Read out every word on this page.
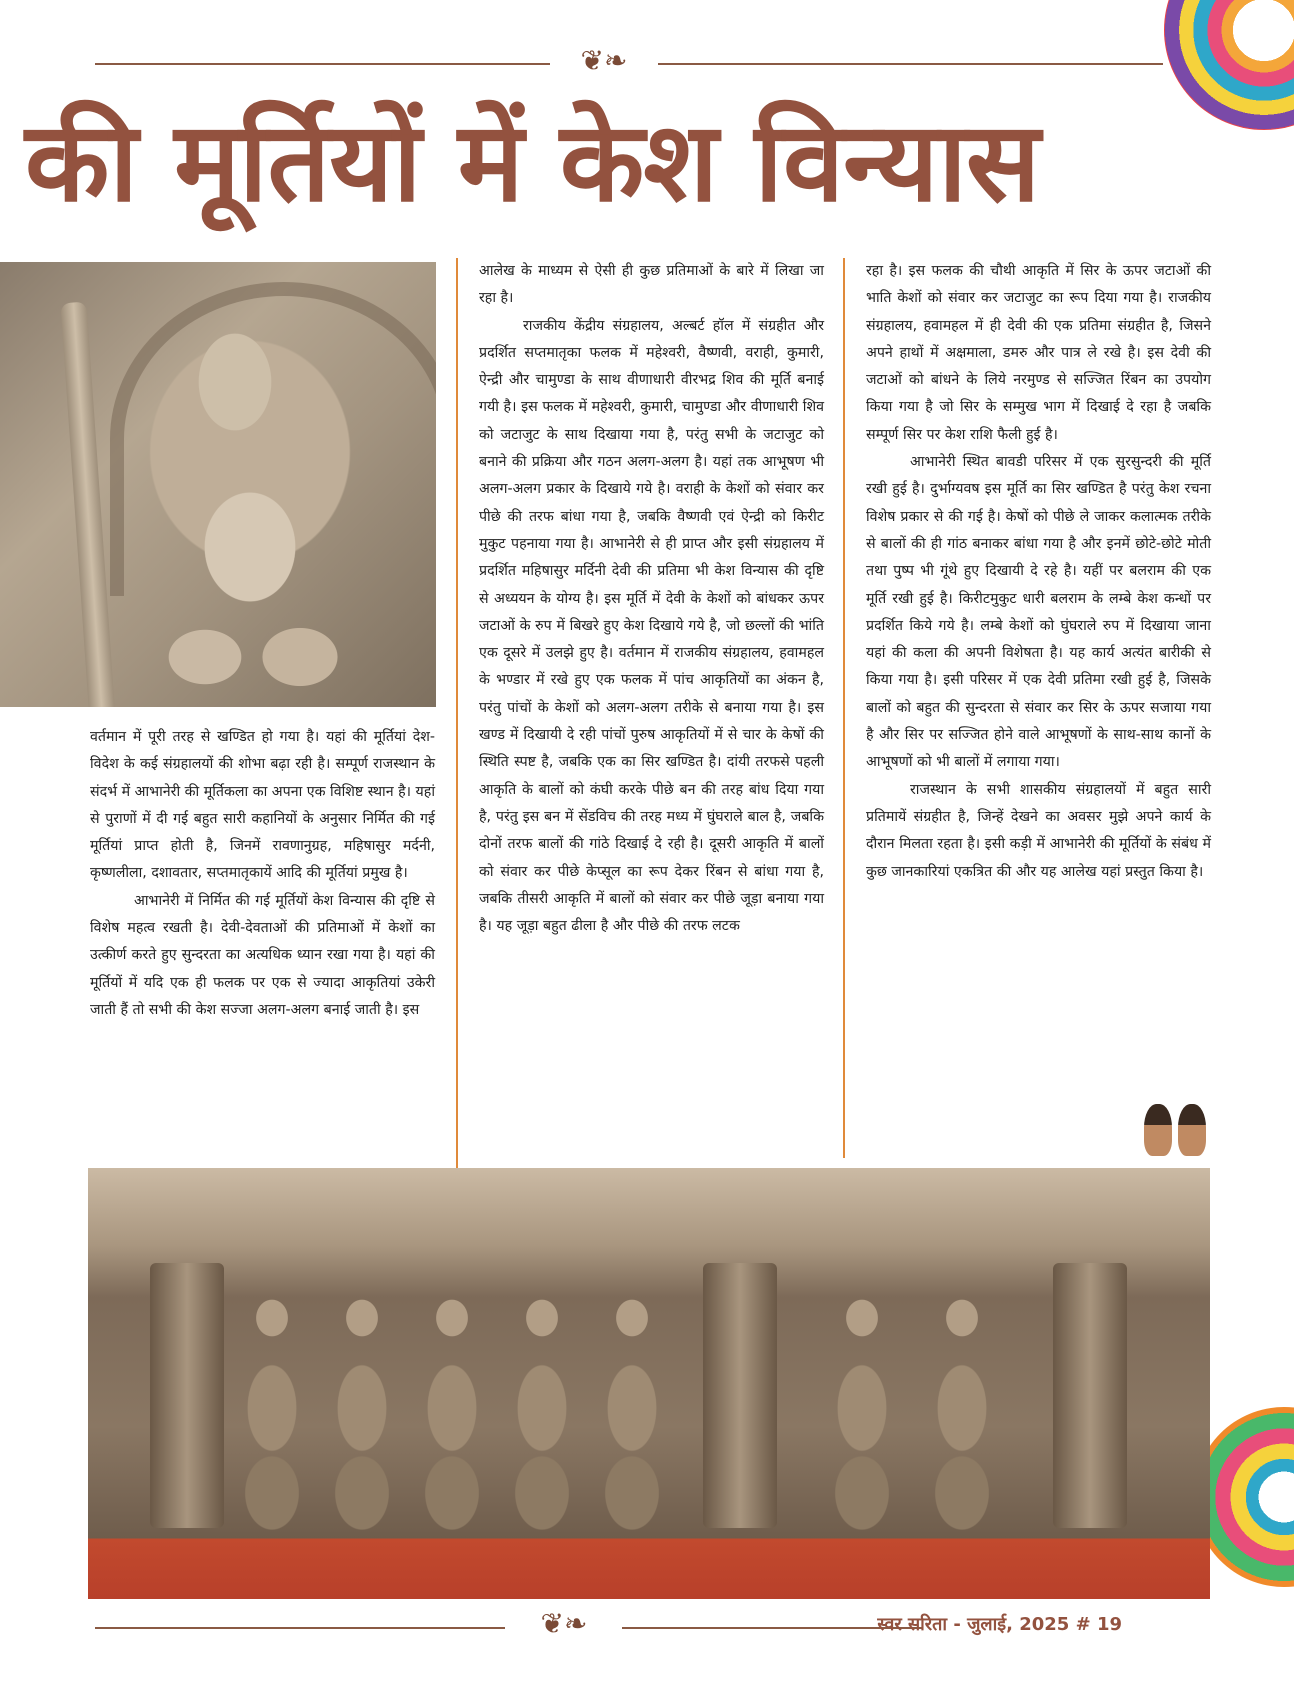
❦❧
की मूर्तियों में केश विन्यास

वर्तमान में पूरी तरह से खण्डित हो गया है। यहां की मूर्तियां देश-विदेश के कई संग्रहालयों की शोभा बढ़ा रही है। सम्पूर्ण राजस्थान के संदर्भ में आभानेरी की मूर्तिकला का अपना एक विशिष्ट स्थान है। यहां से पुराणों में दी गई बहुत सारी कहानियों के अनुसार निर्मित की गई मूर्तियां प्राप्त होती है, जिनमें रावणानुग्रह, महिषासुर मर्दनी, कृष्णलीला, दशावतार, सप्तमातृकायें आदि की मूर्तियां प्रमुख है।

आभानेरी में निर्मित की गई मूर्तियों केश विन्यास की दृष्टि से विशेष महत्व रखती है। देवी-देवताओं की प्रतिमाओं में केशों का उत्कीर्ण करते हुए सुन्दरता का अत्यधिक ध्यान रखा गया है। यहां की मूर्तियों में यदि एक ही फलक पर एक से ज्यादा आकृतियां उकेरी जाती हैं तो सभी की केश सज्जा अलग-अलग बनाई जाती है। इस

आलेख के माध्यम से ऐसी ही कुछ प्रतिमाओं के बारे में लिखा जा रहा है।

राजकीय केंद्रीय संग्रहालय, अल्बर्ट हॉल में संग्रहीत और प्रदर्शित सप्तमातृका फलक में महेश्वरी, वैष्णवी, वराही, कुमारी, ऐन्द्री और चामुण्डा के साथ वीणाधारी वीरभद्र शिव की मूर्ति बनाई गयी है। इस फलक में महेश्वरी, कुमारी, चामुण्डा और वीणाधारी शिव को जटाजुट के साथ दिखाया गया है, परंतु सभी के जटाजुट को बनाने की प्रक्रिया और गठन अलग-अलग है। यहां तक आभूषण भी अलग-अलग प्रकार के दिखाये गये है। वराही के केशों को संवार कर पीछे की तरफ बांधा गया है, जबकि वैष्णवी एवं ऐन्द्री को किरीट मुकुट पहनाया गया है। आभानेरी से ही प्राप्त और इसी संग्रहालय में प्रदर्शित महिषासुर मर्दिनी देवी की प्रतिमा भी केश विन्यास की दृष्टि से अध्ययन के योग्य है। इस मूर्ति में देवी के केशों को बांधकर ऊपर जटाओं के रुप में बिखरे हुए केश दिखाये गये है, जो छल्लों की भांति एक दूसरे में उलझे हुए है। वर्तमान में राजकीय संग्रहालय, हवामहल के भण्डार में रखे हुए एक फलक में पांच आकृतियों का अंकन है, परंतु पांचों के केशों को अलग-अलग तरीके से बनाया गया है। इस खण्ड में दिखायी दे रही पांचों पुरुष आकृतियों में से चार के केषों की स्थिति स्पष्ट है, जबकि एक का सिर खण्डित है। दांयी तरफसे पहली आकृति के बालों को कंघी करके पीछे बन की तरह बांध दिया गया है, परंतु इस बन में सेंडविच की तरह मध्य में घुंघराले बाल है, जबकि दोनों तरफ बालों की गांठे दिखाई दे रही है। दूसरी आकृति में बालों को संवार कर पीछे केप्सूल का रूप देकर रिंबन से बांधा गया है, जबकि तीसरी आकृति में बालों को संवार कर पीछे जूड़ा बनाया गया है। यह जूड़ा बहुत ढीला है और पीछे की तरफ लटक

रहा है। इस फलक की चौथी आकृति में सिर के ऊपर जटाओं की भाति केशों को संवार कर जटाजुट का रूप दिया गया है। राजकीय संग्रहालय, हवामहल में ही देवी की एक प्रतिमा संग्रहीत है, जिसने अपने हाथों में अक्षमाला, डमरु और पात्र ले रखे है। इस देवी की जटाओं को बांधने के लिये नरमुण्ड से सज्जित रिंबन का उपयोग किया गया है जो सिर के सम्मुख भाग में दिखाई दे रहा है जबकि सम्पूर्ण सिर पर केश राशि फैली हुई है।

आभानेरी स्थित बावडी परिसर में एक सुरसुन्दरी की मूर्ति रखी हुई है। दुर्भाग्यवष इस मूर्ति का सिर खण्डित है परंतु केश रचना विशेष प्रकार से की गई है। केषों को पीछे ले जाकर कलात्मक तरीके से बालों की ही गांठ बनाकर बांधा गया है और इनमें छोटे-छोटे मोती तथा पुष्प भी गूंथे हुए दिखायी दे रहे है। यहीं पर बलराम की एक मूर्ति रखी हुई है। किरीटमुकुट धारी बलराम के लम्बे केश कन्धों पर प्रदर्शित किये गये है। लम्बे केशों को घुंघराले रुप में दिखाया जाना यहां की कला की अपनी विशेषता है। यह कार्य अत्यंत बारीकी से किया गया है। इसी परिसर में एक देवी प्रतिमा रखी हुई है, जिसके बालों को बहुत की सुन्दरता से संवार कर सिर के ऊपर सजाया गया है और सिर पर सज्जित होने वाले आभूषणों के साथ-साथ कानों के आभूषणों को भी बालों में लगाया गया।

राजस्थान के सभी शासकीय संग्रहालयों में बहुत सारी प्रतिमायें संग्रहीत है, जिन्हें देखने का अवसर मुझे अपने कार्य के दौरान मिलता रहता है। इसी कड़ी में आभानेरी की मूर्तियों के संबंध में कुछ जानकारियां एकत्रित की और यह आलेख यहां प्रस्तुत किया है।

❦❧	स्वर सरिता - जुलाई, 2025 # 19
